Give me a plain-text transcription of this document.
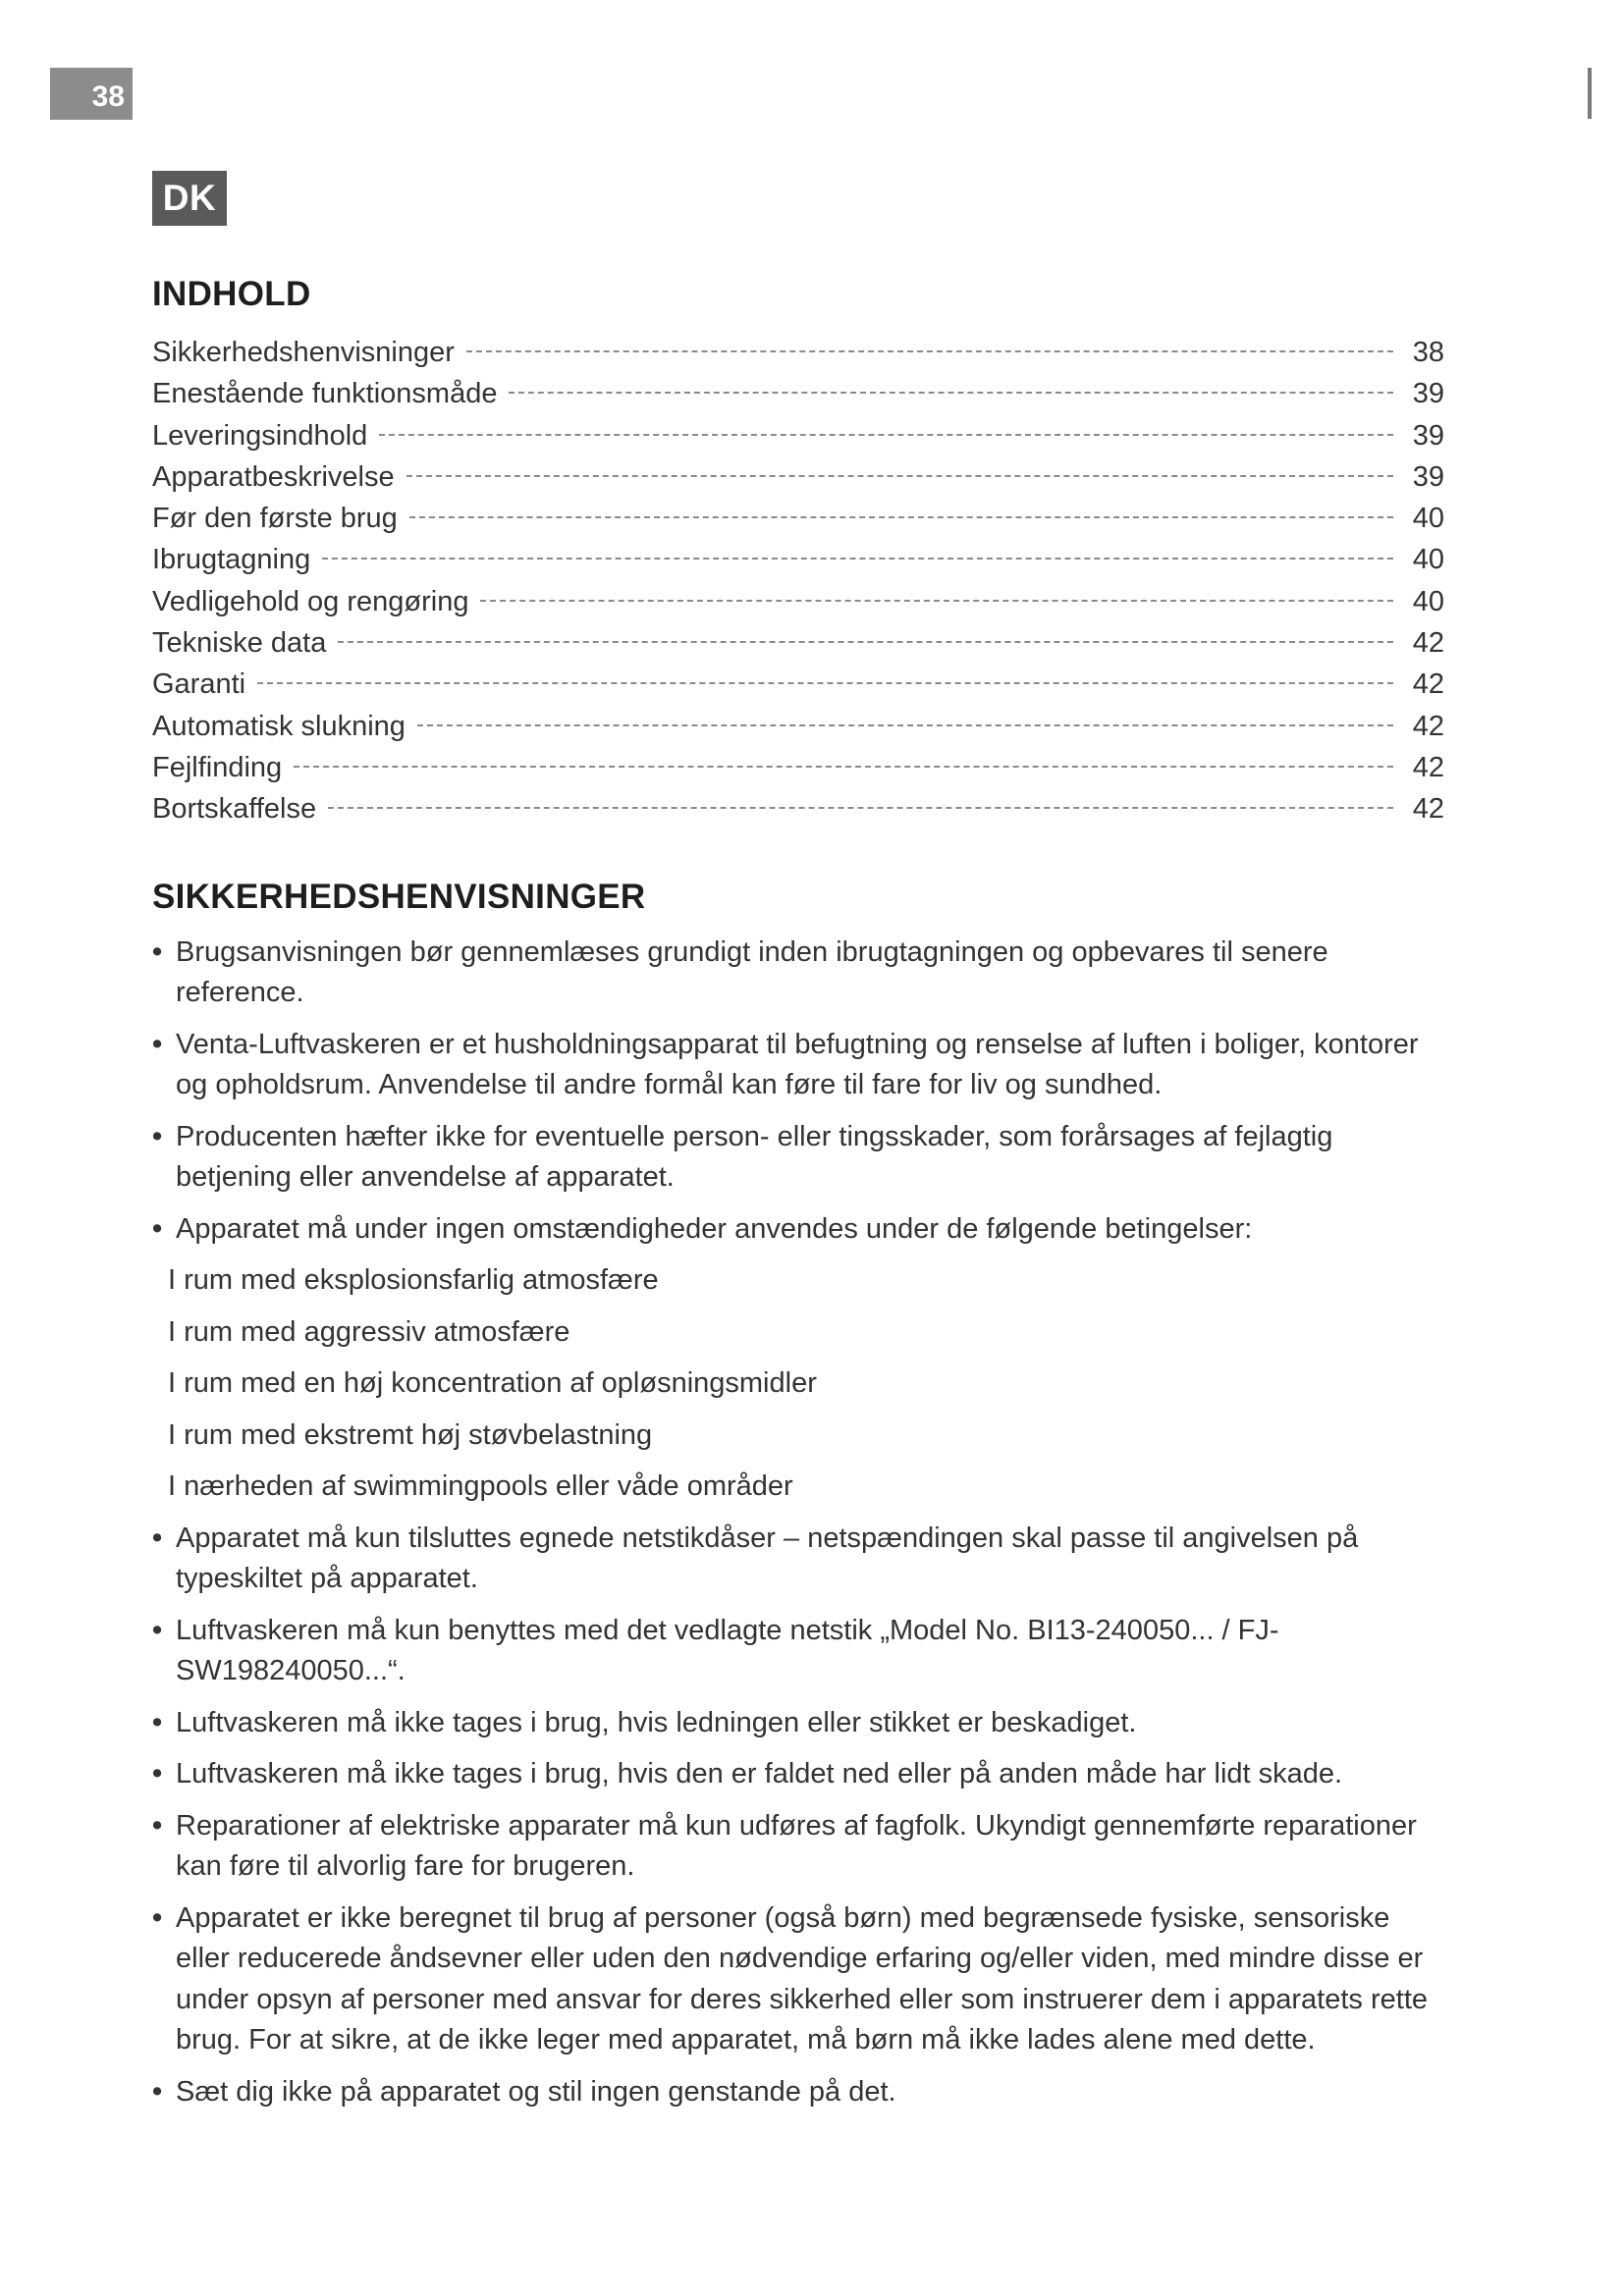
38
DK
INDHOLD
Sikkerhedshenvisninger	38
Enestående funktionsmåde	39
Leveringsindhold	39
Apparatbeskrivelse	39
Før den første brug	40
Ibrugtagning	40
Vedligehold og rengøring	40
Tekniske data	42
Garanti	42
Automatisk slukning	42
Fejlfinding	42
Bortskaffelse	42
SIKKERHEDSHENVISNINGER
• Brugsanvisningen bør gennemlæses grundigt inden ibrugtagningen og opbevares til senere reference.
• Venta-Luftvaskeren er et husholdningsapparat til befugtning og renselse af luften i boliger, kontorer og opholdsrum. Anvendelse til andre formål kan føre til fare for liv og sundhed.
• Producenten hæfter ikke for eventuelle person- eller tingsskader, som forårsages af fejlagtig betjening eller anvendelse af apparatet.
• Apparatet må under ingen omstændigheder anvendes under de følgende betingelser:
I rum med eksplosionsfarlig atmosfære
I rum med aggressiv atmosfære
I rum med en høj koncentration af opløsningsmidler
I rum med ekstremt høj støvbelastning
I nærheden af swimmingpools eller våde områder
• Apparatet må kun tilsluttes egnede netstikdåser – netspændingen skal passe til angivelsen på typeskiltet på apparatet.
• Luftvaskeren må kun benyttes med det vedlagte netstik „Model No. BI13-240050... / FJ-SW198240050...“.
• Luftvaskeren må ikke tages i brug, hvis ledningen eller stikket er beskadiget.
• Luftvaskeren må ikke tages i brug, hvis den er faldet ned eller på anden måde har lidt skade.
• Reparationer af elektriske apparater må kun udføres af fagfolk. Ukyndigt gennemførte reparationer kan føre til alvorlig fare for brugeren.
• Apparatet er ikke beregnet til brug af personer (også børn) med begrænsede fysiske, sensoriske eller reducerede åndsevner eller uden den nødvendige erfaring og/eller viden, med mindre disse er under opsyn af personer med ansvar for deres sikkerhed eller som instruerer dem i apparatets rette brug. For at sikre, at de ikke leger med apparatet, må børn må ikke lades alene med dette.
• Sæt dig ikke på apparatet og stil ingen genstande på det.
